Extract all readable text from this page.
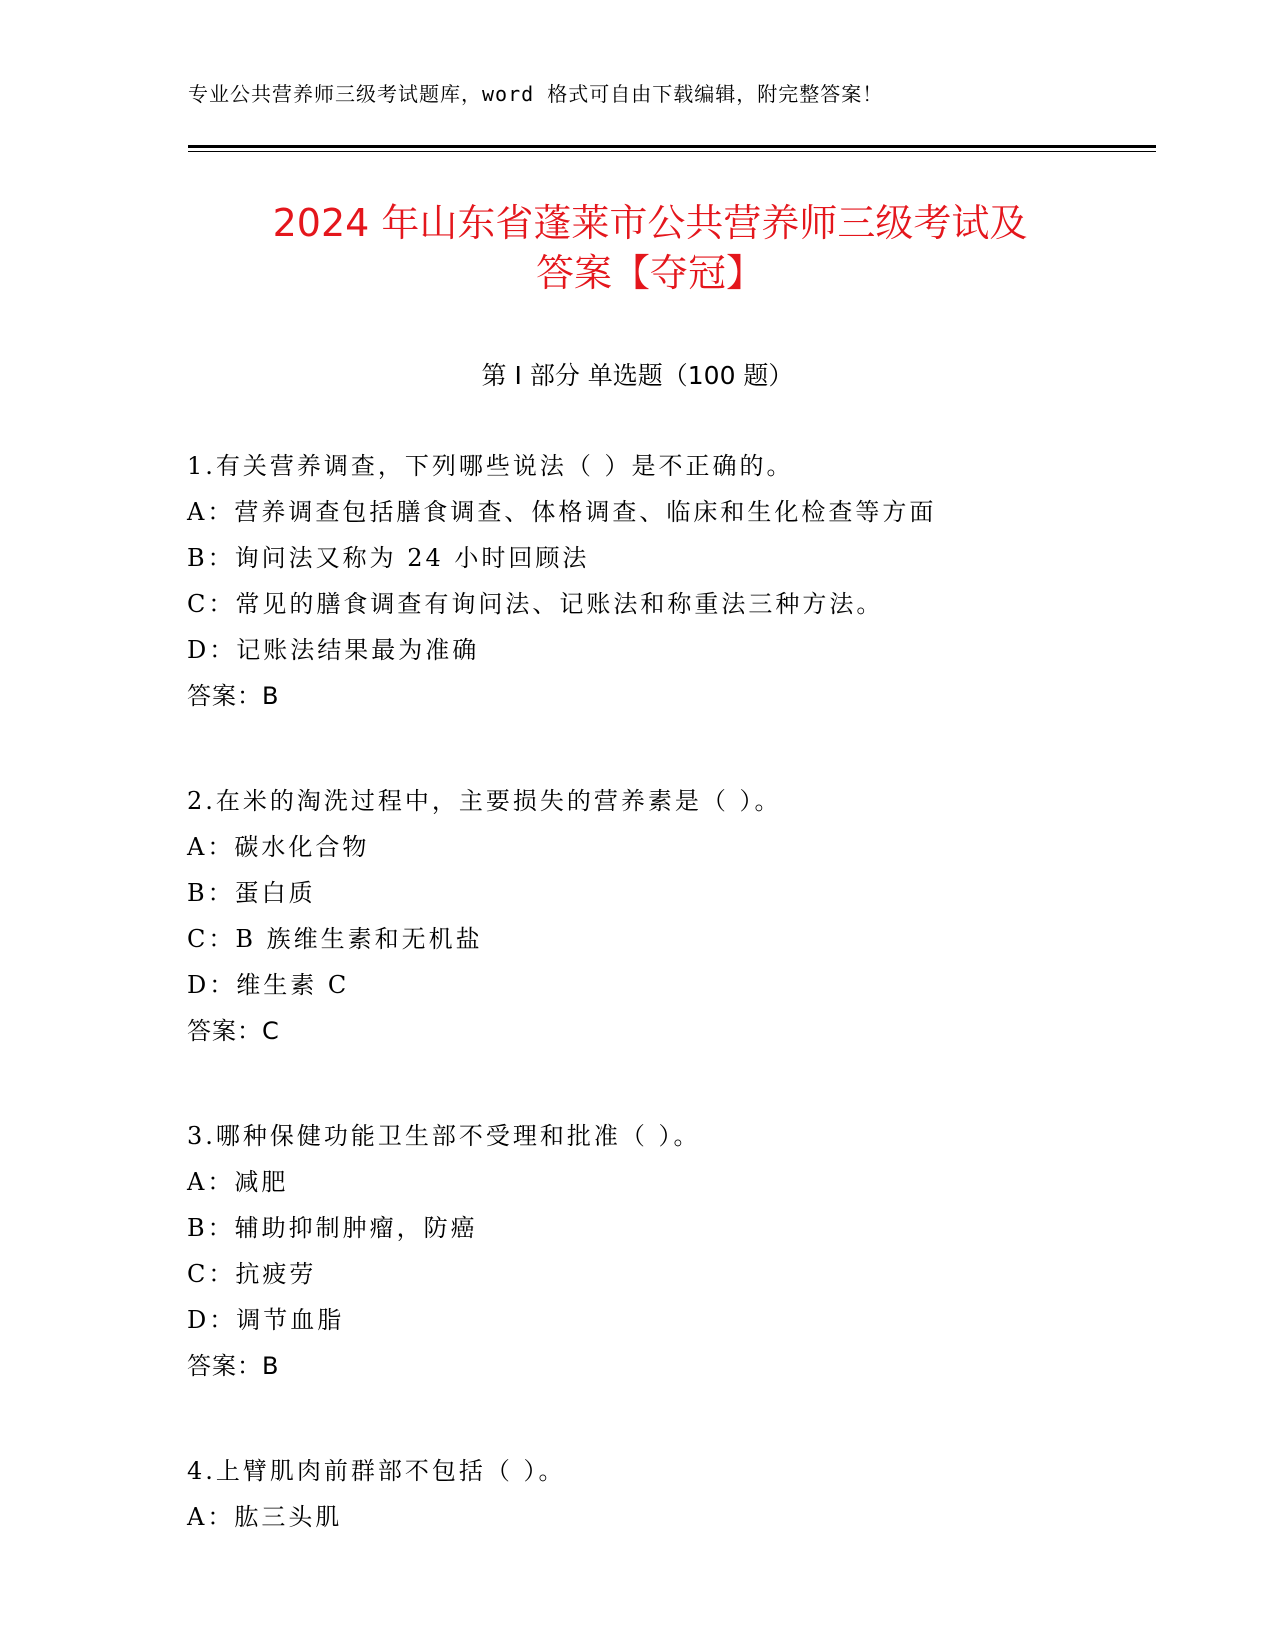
专业公共营养师三级考试题库，word 格式可自由下载编辑，附完整答案！
2024 年山东省蓬莱市公共营养师三级考试及
答案【夺冠】
第 I 部分 单选题（100 题）
1.有关营养调查，下列哪些说法（ ）是不正确的。
A：营养调查包括膳食调查、体格调查、临床和生化检查等方面
B：询问法又称为 24 小时回顾法
C：常见的膳食调查有询问法、记账法和称重法三种方法。
D：记账法结果最为准确
答案：B
2.在米的淘洗过程中，主要损失的营养素是（ ）。
A：碳水化合物
B：蛋白质
C：B 族维生素和无机盐
D：维生素 C
答案：C
3.哪种保健功能卫生部不受理和批准（ ）。
A：减肥
B：辅助抑制肿瘤，防癌
C：抗疲劳
D：调节血脂
答案：B
4.上臂肌肉前群部不包括（ ）。
A：肱三头肌
